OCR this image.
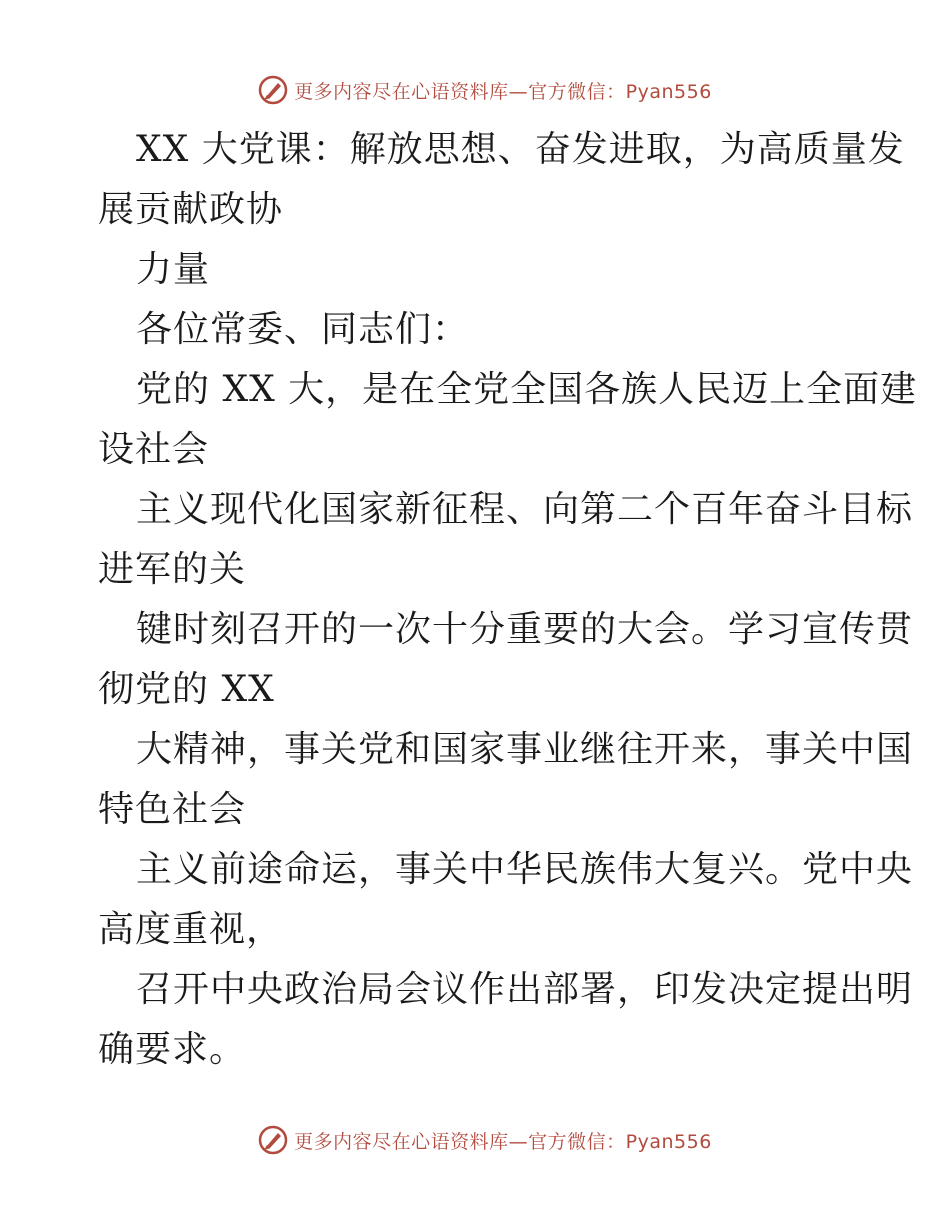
更多内容尽在心语资料库—官方微信：Pyan556
XX 大党课：解放思想、奋发进取，为高质量发
展贡献政协
力量
各位常委、同志们：
党的 XX 大，是在全党全国各族人民迈上全面建
设社会
主义现代化国家新征程、向第二个百年奋斗目标
进军的关
键时刻召开的一次十分重要的大会。学习宣传贯
彻党的 XX
大精神，事关党和国家事业继往开来，事关中国
特色社会
主义前途命运，事关中华民族伟大复兴。党中央
高度重视，
召开中央政治局会议作出部署，印发决定提出明
确要求。
更多内容尽在心语资料库—官方微信：Pyan556
